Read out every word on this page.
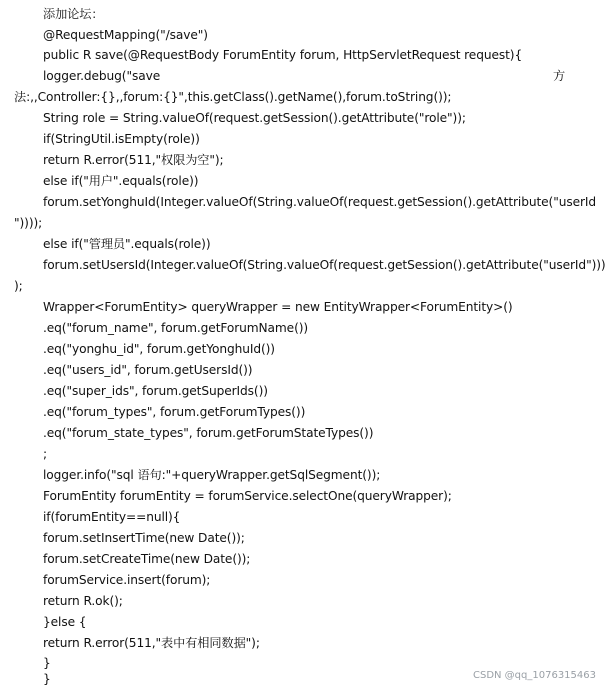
添加论坛：
@RequestMapping("/save")
public R save(@RequestBody ForumEntity forum, HttpServletRequest request){
logger.debug("save	方
法:,,Controller:{},,forum:{}",this.getClass().getName(),forum.toString());
String role = String.valueOf(request.getSession().getAttribute("role"));
if(StringUtil.isEmpty(role))
return R.error(511,"权限为空");
else if("用户".equals(role))
forum.setYonghuId(Integer.valueOf(String.valueOf(request.getSession().getAttribute("userId
"))));
else if("管理员".equals(role))
forum.setUsersId(Integer.valueOf(String.valueOf(request.getSession().getAttribute("userId")))
);
Wrapper<ForumEntity> queryWrapper = new EntityWrapper<ForumEntity>()
.eq("forum_name", forum.getForumName())
.eq("yonghu_id", forum.getYonghuId())
.eq("users_id", forum.getUsersId())
.eq("super_ids", forum.getSuperIds())
.eq("forum_types", forum.getForumTypes())
.eq("forum_state_types", forum.getForumStateTypes())
;
logger.info("sql 语句:"+queryWrapper.getSqlSegment());
ForumEntity forumEntity = forumService.selectOne(queryWrapper);
if(forumEntity==null){
forum.setInsertTime(new Date());
forum.setCreateTime(new Date());
forumService.insert(forum);
return R.ok();
}else {
return R.error(511,"表中有相同数据");
}
}	CSDN @qq_1076315463
